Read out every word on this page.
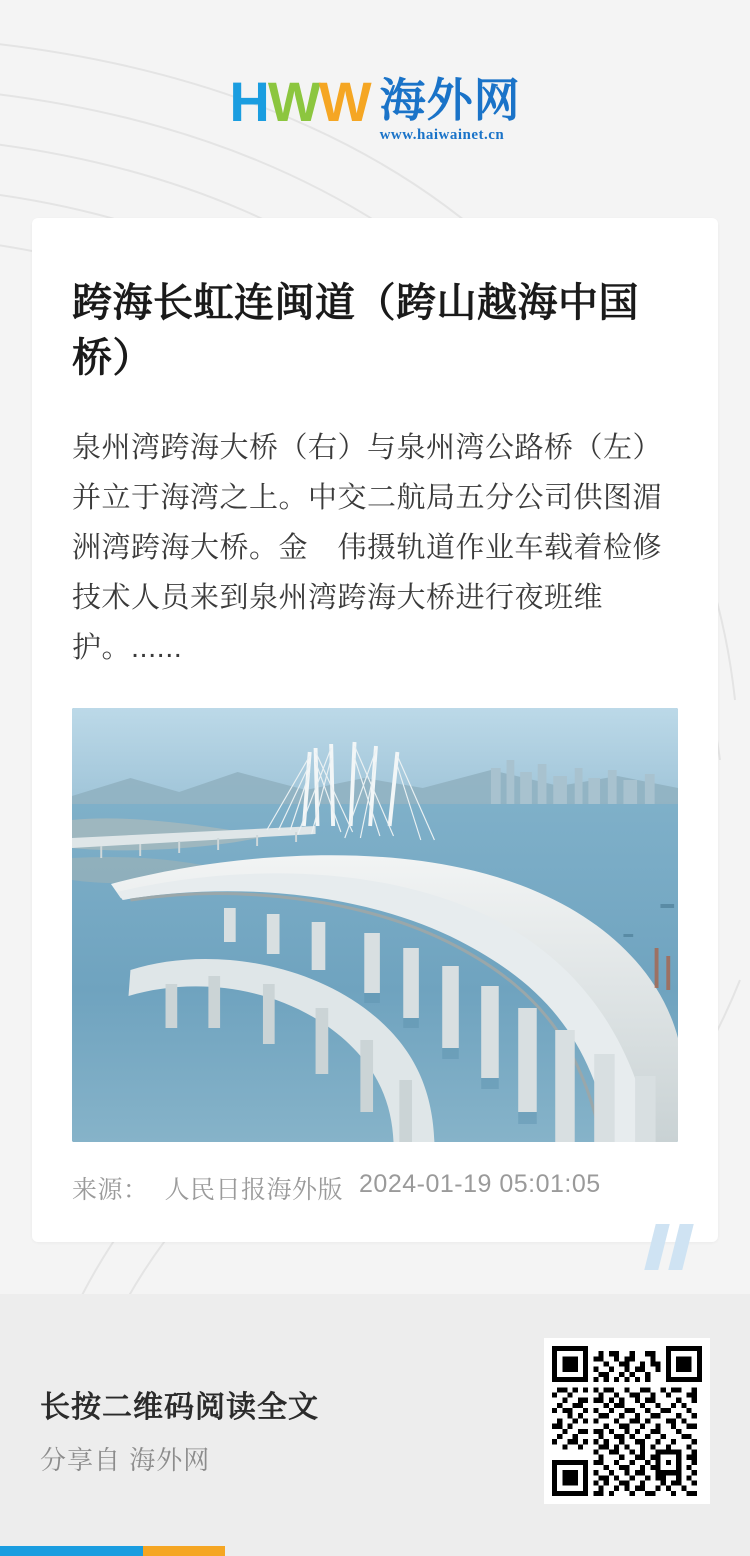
HWW 海外网
www.haiwainet.cn
跨海长虹连闽道（跨山越海中国桥）

泉州湾跨海大桥（右）与泉州湾公路桥（左）并立于海湾之上。中交二航局五分公司供图湄洲湾跨海大桥。金　伟摄轨道作业车载着检修技术人员来到泉州湾跨海大桥进行夜班维护。......

来源： 人民日报海外版 2024-01-19 05:01:05
长按二维码阅读全文
分享自 海外网
